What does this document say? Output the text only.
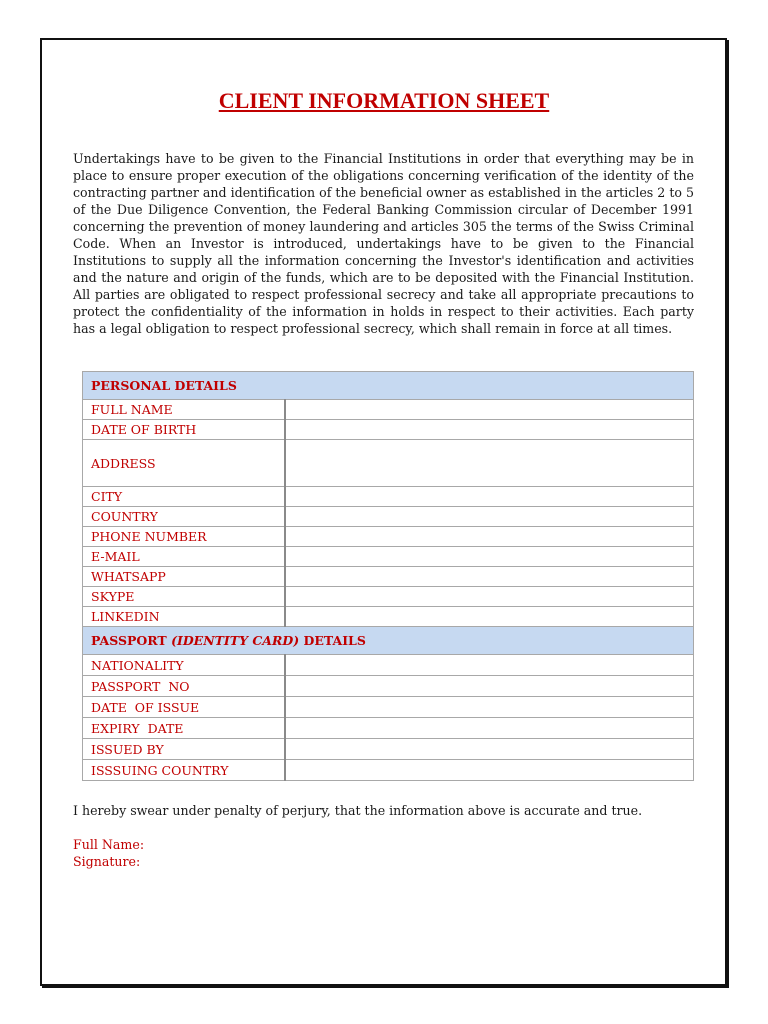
CLIENT INFORMATION SHEET

Undertakings have to be given to the Financial Institutions in order that everything may be in place to ensure proper execution of the obligations concerning verification of the identity of the contracting partner and identification of the beneficial owner as established in the articles 2 to 5 of the Due Diligence Convention, the Federal Banking Commission circular of December 1991 concerning the prevention of money laundering and articles 305 the terms of the Swiss Criminal Code. When an Investor is introduced, undertakings have to be given to the Financial Institutions to supply all the information concerning the Investor's identification and activities and the nature and origin of the funds, which are to be deposited with the Financial Institution. All parties are obligated to respect professional secrecy and take all appropriate precautions to protect the confidentiality of the information in holds in respect to their activities. Each party has a legal obligation to respect professional secrecy, which shall remain in force at all times.

PERSONAL DETAILS	
FULL NAME	
DATE OF BIRTH	
ADDRESS	
CITY	
COUNTRY	
PHONE NUMBER	
E-MAIL	
WHATSAPP	
SKYPE	
LINKEDIN	
PASSPORT (IDENTITY CARD) DETAILS	
NATIONALITY	
PASSPORT  NO	
DATE  OF ISSUE	
EXPIRY  DATE	
ISSUED BY	
ISSSUING COUNTRY	
I hereby swear under penalty of perjury, that the information above is accurate and true.
Full Name:
Signature:
